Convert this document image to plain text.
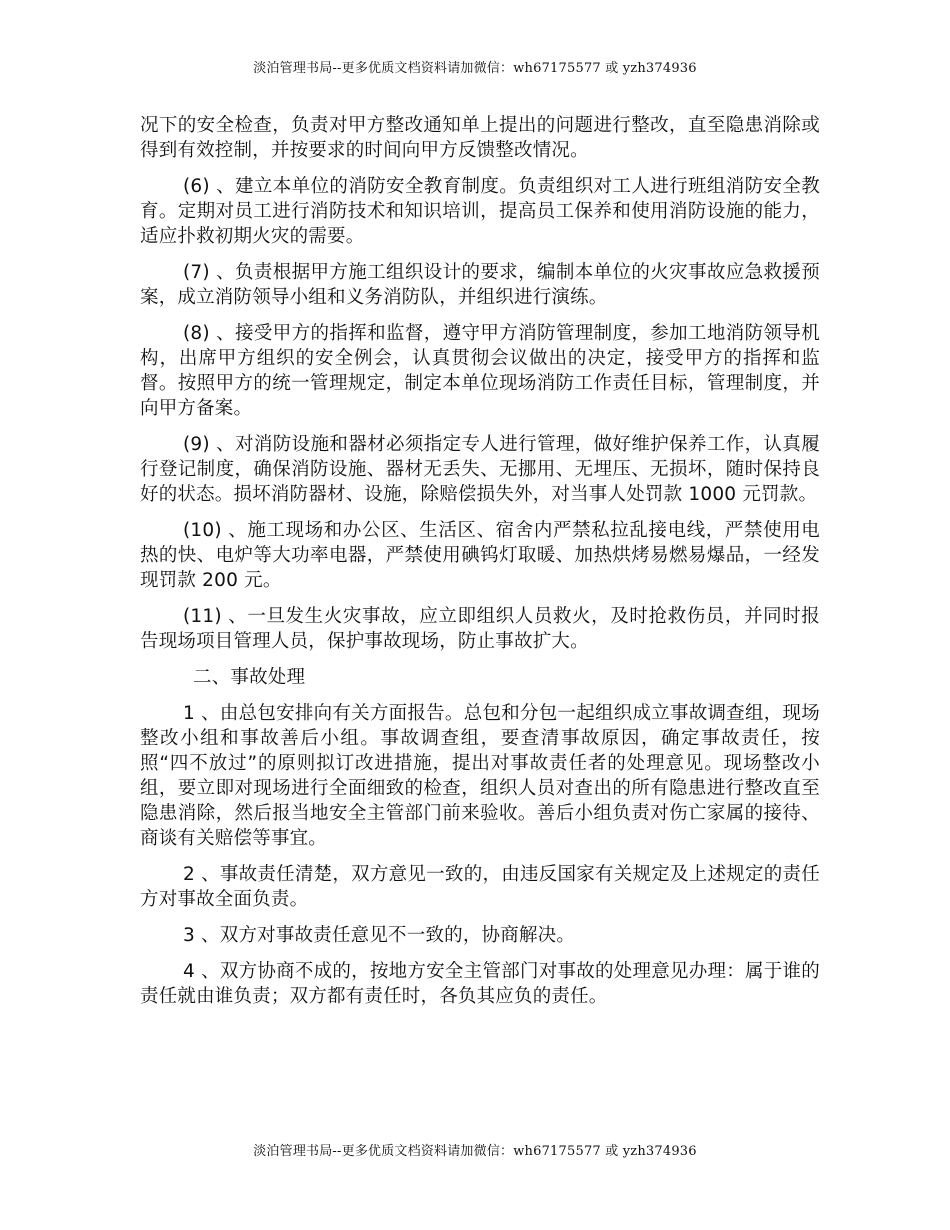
淡泊管理书局--更多优质文档资料请加微信：wh67175577 或 yzh374936

况下的安全检查，负责对甲方整改通知单上提出的问题进行整改，直至隐患消除或得到有效控制，并按要求的时间向甲方反馈整改情况。

(6) 、建立本单位的消防安全教育制度。负责组织对工人进行班组消防安全教育。定期对员工进行消防技术和知识培训，提高员工保养和使用消防设施的能力，适应扑救初期火灾的需要。

(7) 、负责根据甲方施工组织设计的要求，编制本单位的火灾事故应急救援预案，成立消防领导小组和义务消防队，并组织进行演练。

(8) 、接受甲方的指挥和监督，遵守甲方消防管理制度，参加工地消防领导机构，出席甲方组织的安全例会，认真贯彻会议做出的决定，接受甲方的指挥和监督。按照甲方的统一管理规定，制定本单位现场消防工作责任目标，管理制度，并向甲方备案。

(9) 、对消防设施和器材必须指定专人进行管理，做好维护保养工作，认真履行登记制度，确保消防设施、器材无丢失、无挪用、无埋压、无损坏，随时保持良好的状态。损坏消防器材、设施，除赔偿损失外，对当事人处罚款 1000 元罚款。

(10) 、施工现场和办公区、生活区、宿舍内严禁私拉乱接电线，严禁使用电热的快、电炉等大功率电器，严禁使用碘钨灯取暖、加热烘烤易燃易爆品，一经发现罚款 200 元。

(11) 、一旦发生火灾事故，应立即组织人员救火，及时抢救伤员，并同时报告现场项目管理人员，保护事故现场，防止事故扩大。

二、事故处理

1 、由总包安排向有关方面报告。总包和分包一起组织成立事故调查组，现场整改小组和事故善后小组。事故调查组，要查清事故原因，确定事故责任，按照“四不放过”的原则拟订改进措施，提出对事故责任者的处理意见。现场整改小组，要立即对现场进行全面细致的检查，组织人员对查出的所有隐患进行整改直至隐患消除，然后报当地安全主管部门前来验收。善后小组负责对伤亡家属的接待、商谈有关赔偿等事宜。

2 、事故责任清楚，双方意见一致的，由违反国家有关规定及上述规定的责任方对事故全面负责。

3 、双方对事故责任意见不一致的，协商解决。

4 、双方协商不成的，按地方安全主管部门对事故的处理意见办理：属于谁的责任就由谁负责；双方都有责任时，各负其应负的责任。

淡泊管理书局--更多优质文档资料请加微信：wh67175577 或 yzh374936
